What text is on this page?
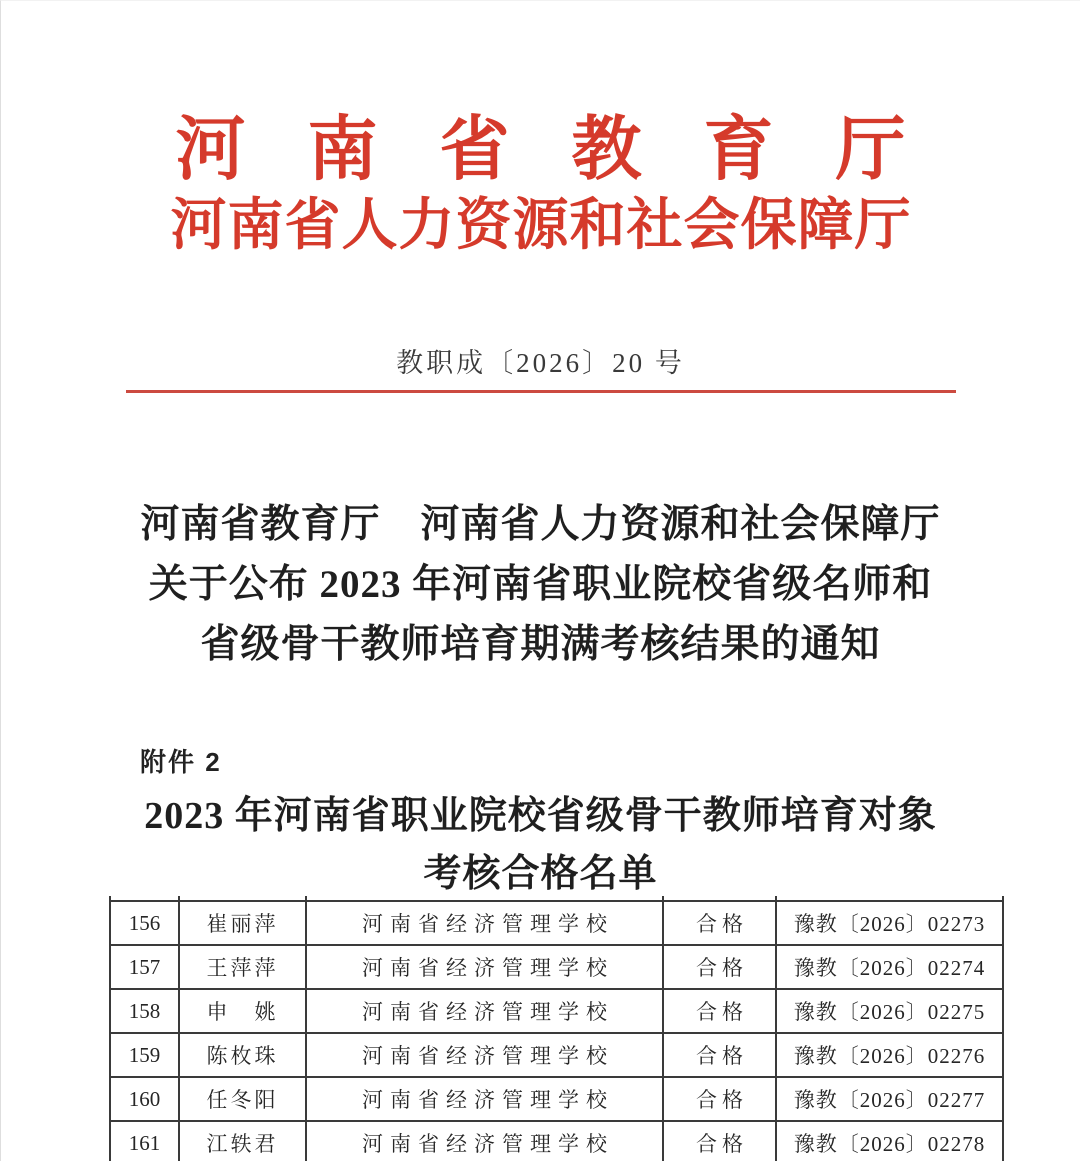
河南省教育厅
河南省人力资源和社会保障厅
教职成〔2026〕20 号
河南省教育厅　河南省人力资源和社会保障厅
关于公布 2023 年河南省职业院校省级名师和
省级骨干教师培育期满考核结果的通知
附件 2
2023 年河南省职业院校省级骨干教师培育对象
考核合格名单

156	崔丽萍	河南省经济管理学校	合格	豫教〔2026〕02273
157	王萍萍	河南省经济管理学校	合格	豫教〔2026〕02274
158	申　姚	河南省经济管理学校	合格	豫教〔2026〕02275
159	陈枚珠	河南省经济管理学校	合格	豫教〔2026〕02276
160	任冬阳	河南省经济管理学校	合格	豫教〔2026〕02277
161	江轶君	河南省经济管理学校	合格	豫教〔2026〕02278
